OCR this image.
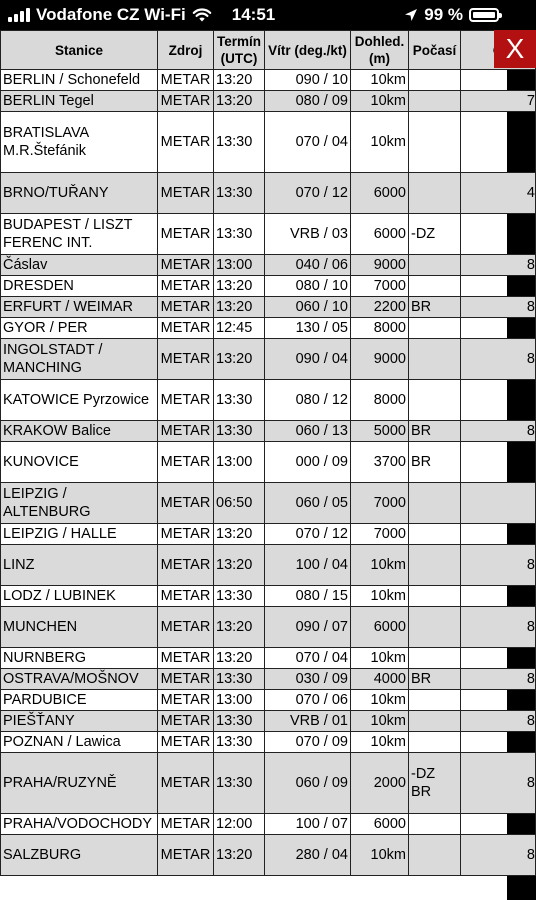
Vodafone CZ Wi-Fi	14:51	99 %
Stanice	Zdroj	Termín (UTC)	Vítr (deg./kt)	Dohled. (m)	Počasí	
BERLIN / Schonefeld	METAR	13:20	090 / 10	10km		7
BERLIN Tegel	METAR	13:20	080 / 09	10km		7
BRATISLAVA M.R.Štefánik	METAR	13:30	070 / 04	10km		7
BRNO/TUŘANY	METAR	13:30	070 / 12	6000		4
BUDAPEST / LISZT FERENC INT.	METAR	13:30	VRB / 03	6000	-DZ	8
Čáslav	METAR	13:00	040 / 06	9000		8
DRESDEN	METAR	13:20	080 / 10	7000		7
ERFURT / WEIMAR	METAR	13:20	060 / 10	2200	BR	8
GYOR / PER	METAR	12:45	130 / 05	8000		8
INGOLSTADT / MANCHING	METAR	13:20	090 / 04	9000		8
KATOWICE Pyrzowice	METAR	13:30	080 / 12	8000		8
KRAKOW Balice	METAR	13:30	060 / 13	5000	BR	8
KUNOVICE	METAR	13:00	000 / 09	3700	BR	8
LEIPZIG / ALTENBURG	METAR	06:50	060 / 05	7000		
LEIPZIG / HALLE	METAR	13:20	070 / 12	7000		7
LINZ	METAR	13:20	100 / 04	10km		8
LODZ / LUBINEK	METAR	13:30	080 / 15	10km		7
MUNCHEN	METAR	13:20	090 / 07	6000		8
NURNBERG	METAR	13:20	070 / 04	10km		8
OSTRAVA/MOŠNOV	METAR	13:30	030 / 09	4000	BR	8
PARDUBICE	METAR	13:00	070 / 06	10km		8
PIEŠŤANY	METAR	13:30	VRB / 01	10km		8
POZNAN / Lawica	METAR	13:30	070 / 09	10km		8
PRAHA/RUZYNĚ	METAR	13:30	060 / 09	2000	-DZ BR	8
PRAHA/VODOCHODY	METAR	12:00	100 / 07	6000		8
SALZBURG	METAR	13:20	280 / 04	10km		8
X
